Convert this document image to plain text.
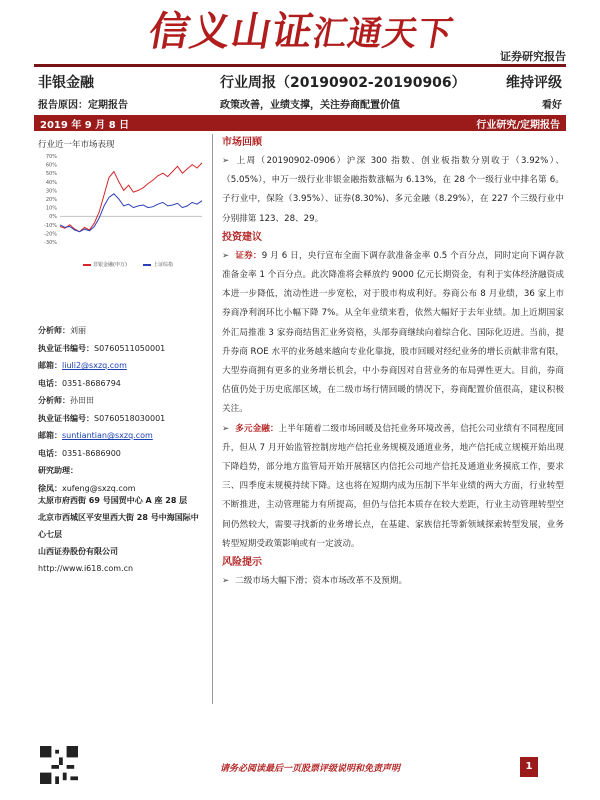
信义山证汇通天下
证券研究报告
非银金融	行业周报（20190902-20190906）	维持评级
报告原因：定期报告	政策改善，业绩支撑，关注券商配置价值	看好
2019 年 9 月 8 日	行业研究/定期报告
行业近一年市场表现
70%
60%
50%
40%
30%
20%
10%
0%
-10%
-20%
-30%
非银金融(申万)	上证综指
分析师：刘丽
执业证书编号：S0760511050001
邮箱：liuli2@sxzq.com
电话：0351-8686794
分析师：孙田田
执业证书编号：S0760518030001
邮箱：suntiantian@sxzq.com
电话：0351-8686900
研究助理：
徐凤：xufeng@sxzq.com
太原市府西街 69 号国贸中心 A 座 28 层
北京市西城区平安里西大街 28 号中海国际中心七层
山西证券股份有限公司
http://www.i618.com.cn
市场回顾
➢ 上周（20190902-0906）沪深 300 指数、创业板指数分别收于（3.92%）、（5.05%），申万一级行业非银金融指数涨幅为 6.13%，在 28 个一级行业中排名第 6。子行业中，保险（3.95%）、证券(8.30%)、多元金融（8.29%），在 227 个三级行业中分别排第 123、28、29。
投资建议
➢ 证券：9 月 6 日，央行宣布全面下调存款准备金率 0.5 个百分点，同时定向下调存款准备金率 1 个百分点。此次降准将会释放约 9000 亿元长期资金，有利于实体经济融资成本进一步降低，流动性进一步宽松，对于股市构成利好。券商公布 8 月业绩，36 家上市券商净利润环比小幅下降 7%。从全年业绩来看，依然大幅好于去年业绩。加上近期国家外汇局推准 3 家券商结售汇业务资格，头部券商继续向着综合化、国际化迈进。当前，提升券商 ROE 水平的业务越来越向专业化靠拢，股市回暖对经纪业务的增长贡献非常有限，大型券商拥有更多的业务增长机会，中小券商因对自营业务的布局弹性更大。目前，券商估值仍处于历史底部区域，在二级市场行情回暖的情况下，券商配置价值很高，建议积极关注。
➢ 多元金融：上半年随着二级市场回暖及信托业务环境改善，信托公司业绩有不同程度回升，但从 7 月开始监管控制房地产信托业务规模及通道业务，地产信托成立规模开始出现下降趋势，部分地方监管局开始开展辖区内信托公司地产信托及通道业务摸底工作，要求三、四季度末规模持续下降。这也将在短期内成为压制下半年业绩的两大方面，行业转型不断推进，主动管理能力有所提高，但仍与信托本质存在较大差距，行业主动管理转型空间仍然较大，需要寻找新的业务增长点，在基建、家族信托等新领域探索转型发展，业务转型短期受政策影响或有一定波动。
风险提示
➢ 二级市场大幅下滑；资本市场改革不及预期。
请务必阅读最后一页股票评级说明和免责声明	1
